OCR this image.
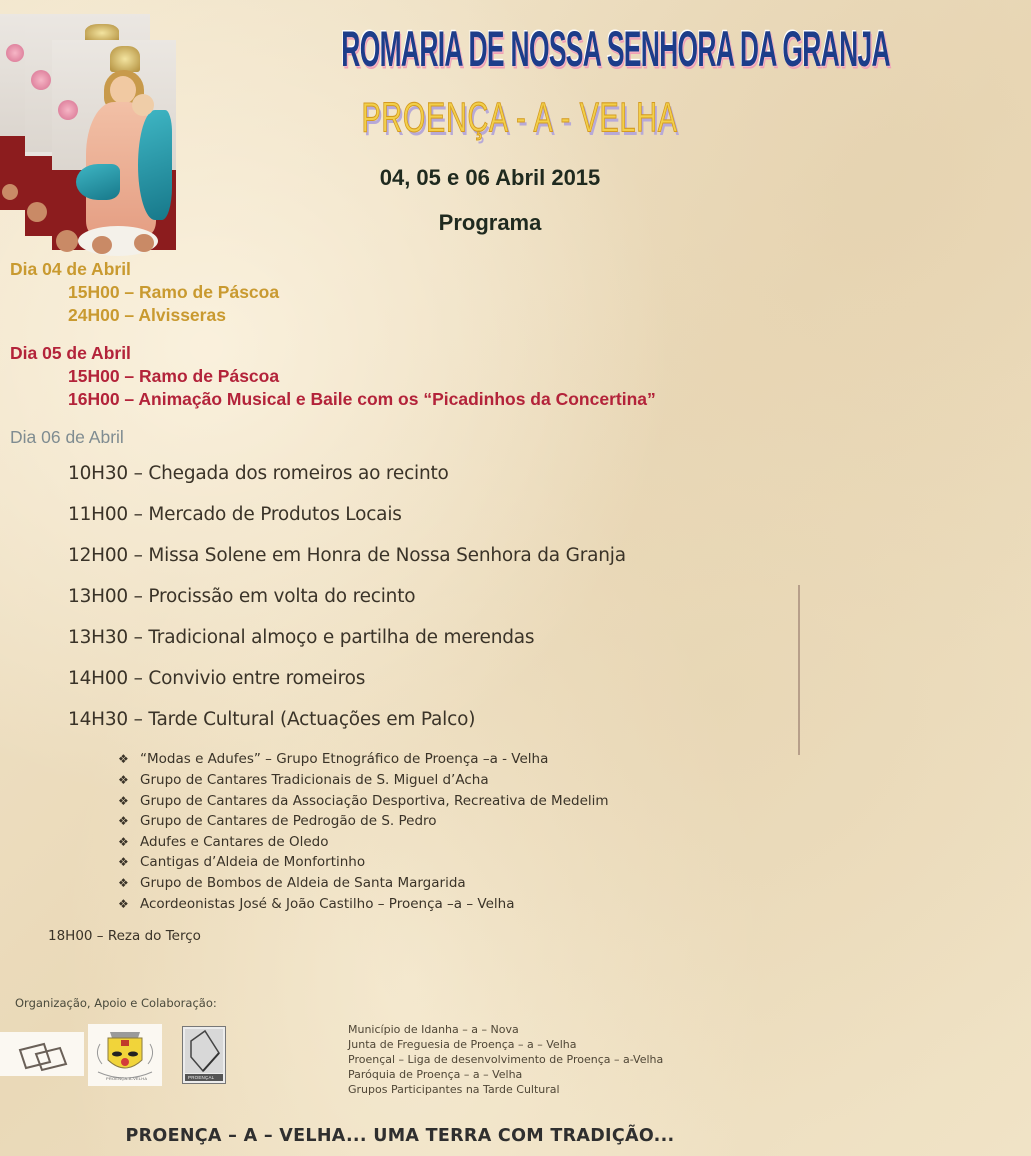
ROMARIA DE NOSSA SENHORA DA GRANJA
PROENÇA - A - VELHA
04, 05 e 06 Abril 2015
Programa
Dia 04 de Abril
15H00 – Ramo de Páscoa
24H00 – Alvisseras
Dia 05 de Abril
15H00 – Ramo de Páscoa
16H00 – Animação Musical e Baile com os “Picadinhos da Concertina”
Dia 06 de Abril
10H30 – Chegada dos romeiros ao recinto
11H00 – Mercado de Produtos Locais
12H00 – Missa Solene em Honra de Nossa Senhora da Granja
13H00 – Procissão em volta do recinto
13H30 – Tradicional almoço e partilha de merendas
14H00 – Convivio entre romeiros
14H30 – Tarde Cultural (Actuações em Palco)
❖ “Modas e Adufes” – Grupo Etnográfico de Proença –a - Velha
❖ Grupo de Cantares Tradicionais de S. Miguel d’Acha
❖ Grupo de Cantares da Associação Desportiva, Recreativa de Medelim
❖ Grupo de Cantares de Pedrogão de S. Pedro
❖ Adufes e Cantares de Oledo
❖ Cantigas d’Aldeia de Monfortinho
❖ Grupo de Bombos de Aldeia de Santa Margarida
❖ Acordeonistas José & João Castilho – Proença –a – Velha
18H00 – Reza do Terço
Organização, Apoio e Colaboração:
PROENÇA-A-VELHA	PROENÇAL
Município de Idanha – a – Nova
Junta de Freguesia de Proença – a – Velha
Proençal – Liga de desenvolvimento de Proença – a-Velha
Paróquia de Proença – a – Velha
Grupos Participantes na Tarde Cultural
PROENÇA – A – VELHA... UMA TERRA COM TRADIÇÃO...
